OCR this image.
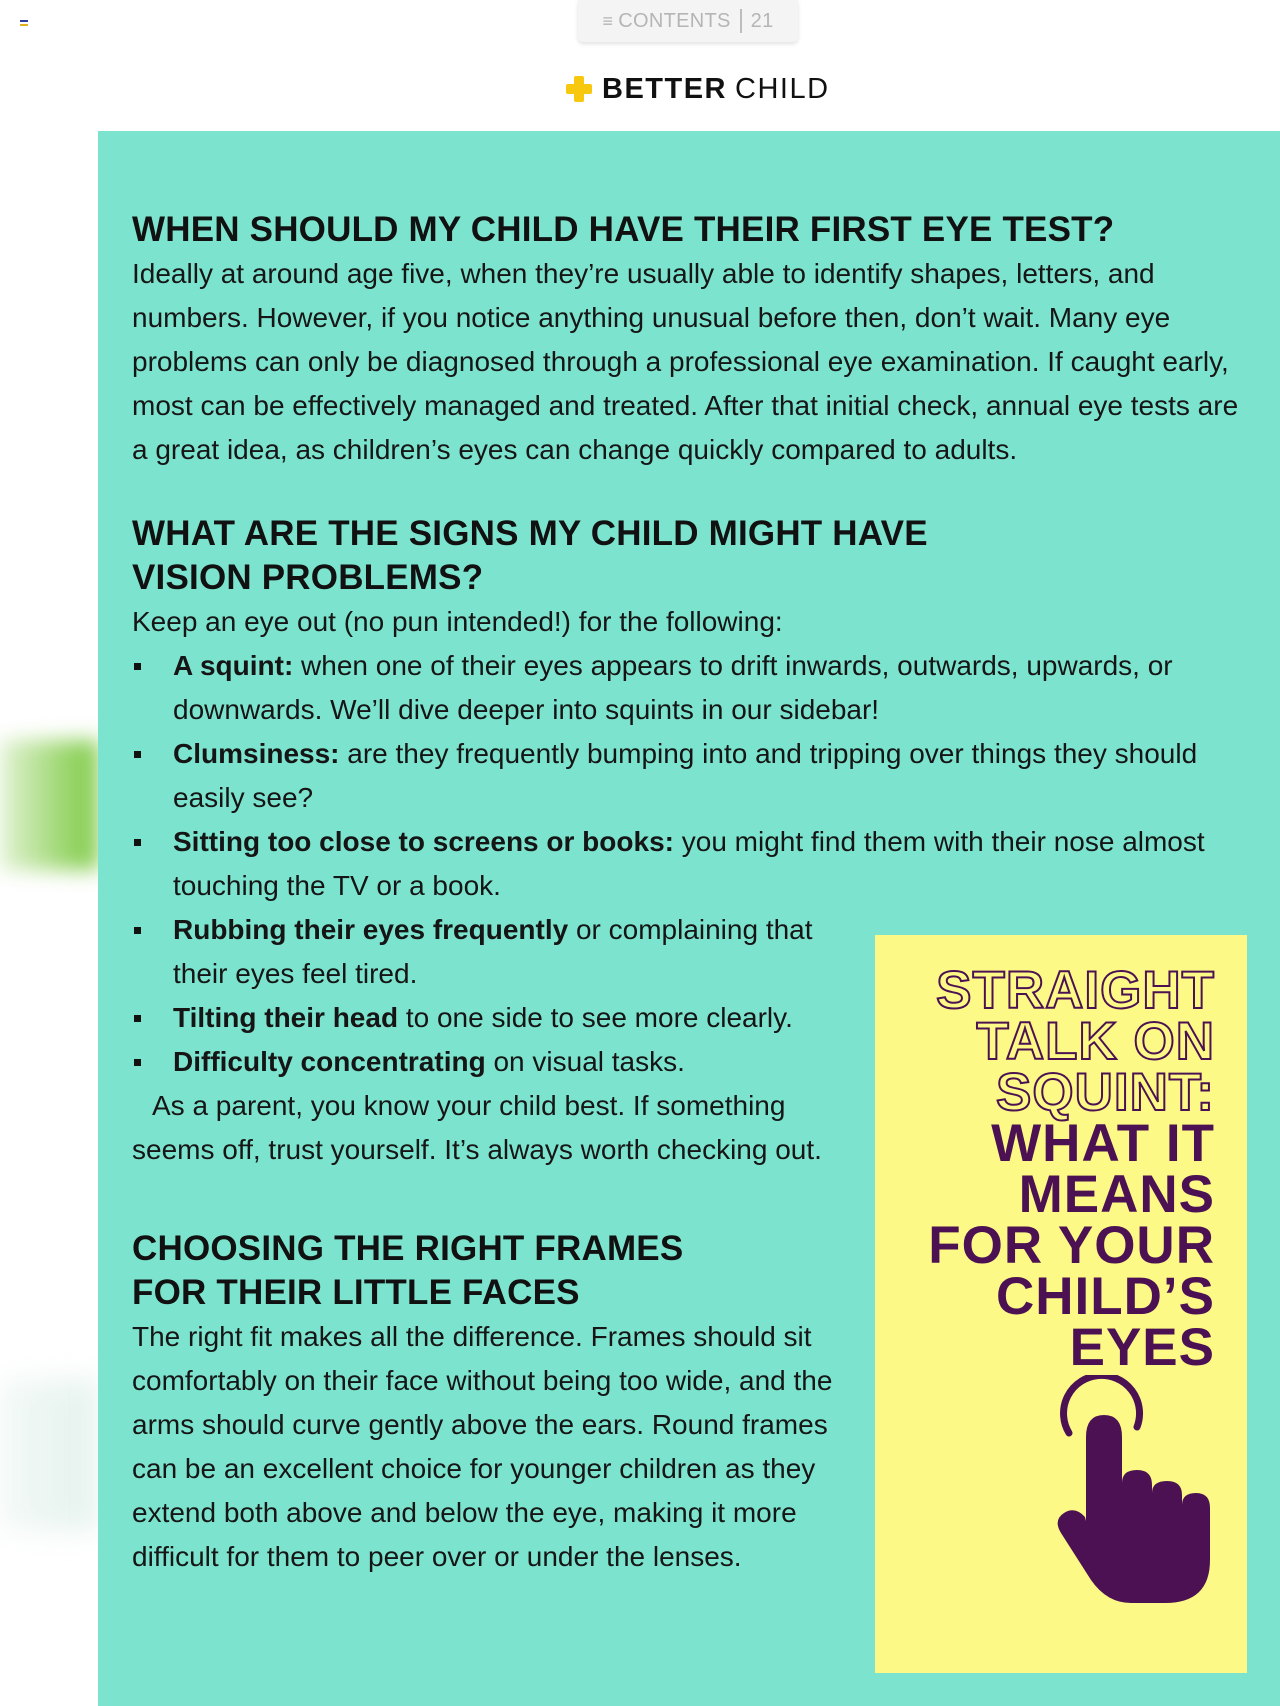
≡ CONTENTS 21
BETTER CHILD
WHEN SHOULD MY CHILD HAVE THEIR FIRST EYE TEST?

Ideally at around age five, when they’re usually able to identify shapes, letters, and numbers. However, if you notice anything unusual before then, don’t wait. Many eye problems can only be diagnosed through a professional eye examination. If caught early, most can be effectively managed and treated. After that initial check, annual eye tests are a great idea, as children’s eyes can change quickly compared to adults.

WHAT ARE THE SIGNS MY CHILD MIGHT HAVE
VISION PROBLEMS?

Keep an eye out (no pun intended!) for the following:

A squint: when one of their eyes appears to drift inwards, outwards, upwards, or downwards. We’ll dive deeper into squints in our sidebar!
Clumsiness: are they frequently bumping into and tripping over things they should easily see?
Sitting too close to screens or books: you might find them with their nose almost touching the TV or a book.
Rubbing their eyes frequently or complaining that their eyes feel tired.
Tilting their head to one side to see more clearly.
Difficulty concentrating on visual tasks.

As a parent, you know your child best. If something seems off, trust yourself. It’s always worth checking out.

CHOOSING THE RIGHT FRAMES
FOR THEIR LITTLE FACES

The right fit makes all the difference. Frames should sit comfortably on their face without being too wide, and the arms should curve gently above the ears. Round frames can be an excellent choice for younger children as they extend both above and below the eye, making it more difficult for them to peer over or under the lenses.

STRAIGHT
TALK ON
SQUINT:
WHAT IT
MEANS
FOR YOUR
CHILD’S
EYES
